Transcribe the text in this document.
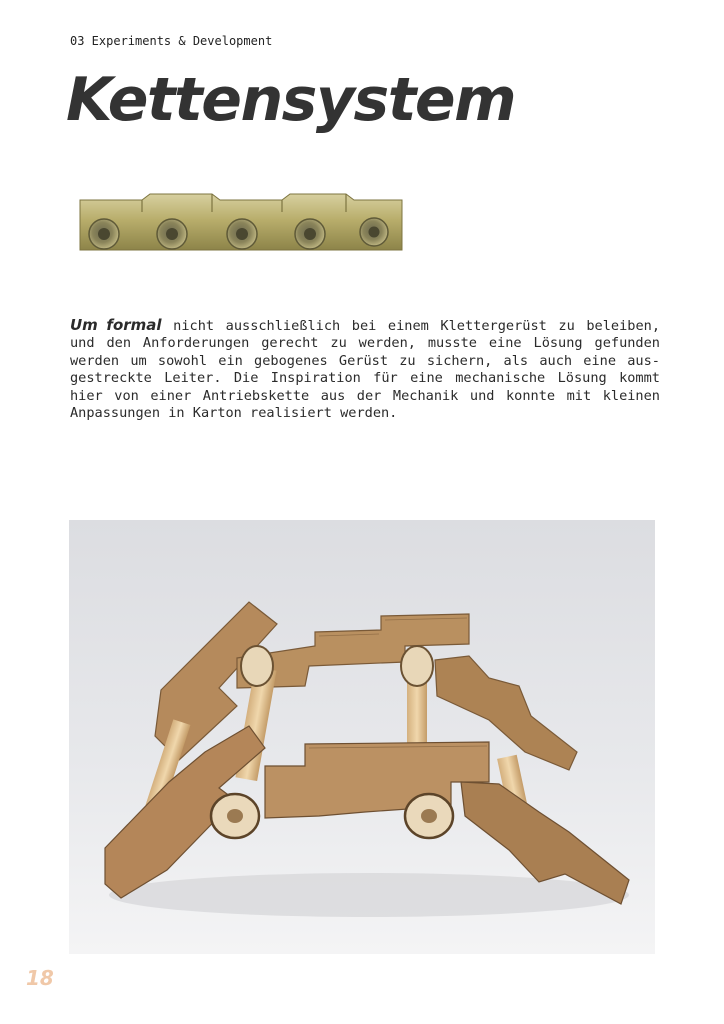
03 Experiments & Development
Kettensystem

Um formal nicht ausschließlich bei einem Klettergerüst zu beleiben, und den Anforderungen gerecht zu werden, musste eine Lösung gefunden werden um sowohl ein gebogenes Gerüst zu sichern, als auch eine aus-gestreckte Leiter. Die Inspiration für eine mechanische Lösung kommt hier von einer Antriebskette aus der Mechanik und konnte mit kleinen Anpassungen in Karton realisiert werden.

18
